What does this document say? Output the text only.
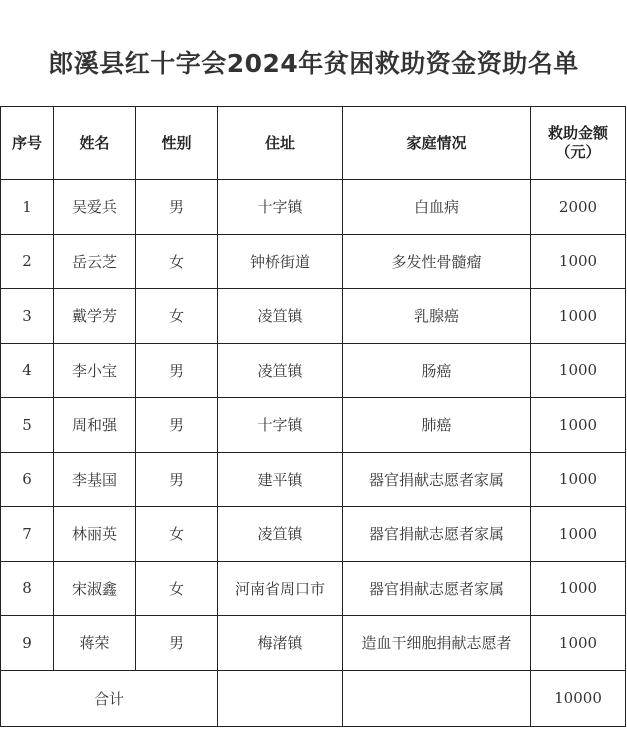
郎溪县红十字会2024年贫困救助资金资助名单
序号	姓名	性别	住址	家庭情况	救助金额
（元）

1	吴爱兵	男	十字镇	白血病	2000
2	岳云芝	女	钟桥街道	多发性骨髓瘤	1000
3	戴学芳	女	凌笪镇	乳腺癌	1000
4	李小宝	男	凌笪镇	肠癌	1000
5	周和强	男	十字镇	肺癌	1000
6	李基国	男	建平镇	器官捐献志愿者家属	1000
7	林丽英	女	凌笪镇	器官捐献志愿者家属	1000
8	宋淑鑫	女	河南省周口市	器官捐献志愿者家属	1000
9	蒋荣	男	梅渚镇	造血干细胞捐献志愿者	1000
合计					10000
